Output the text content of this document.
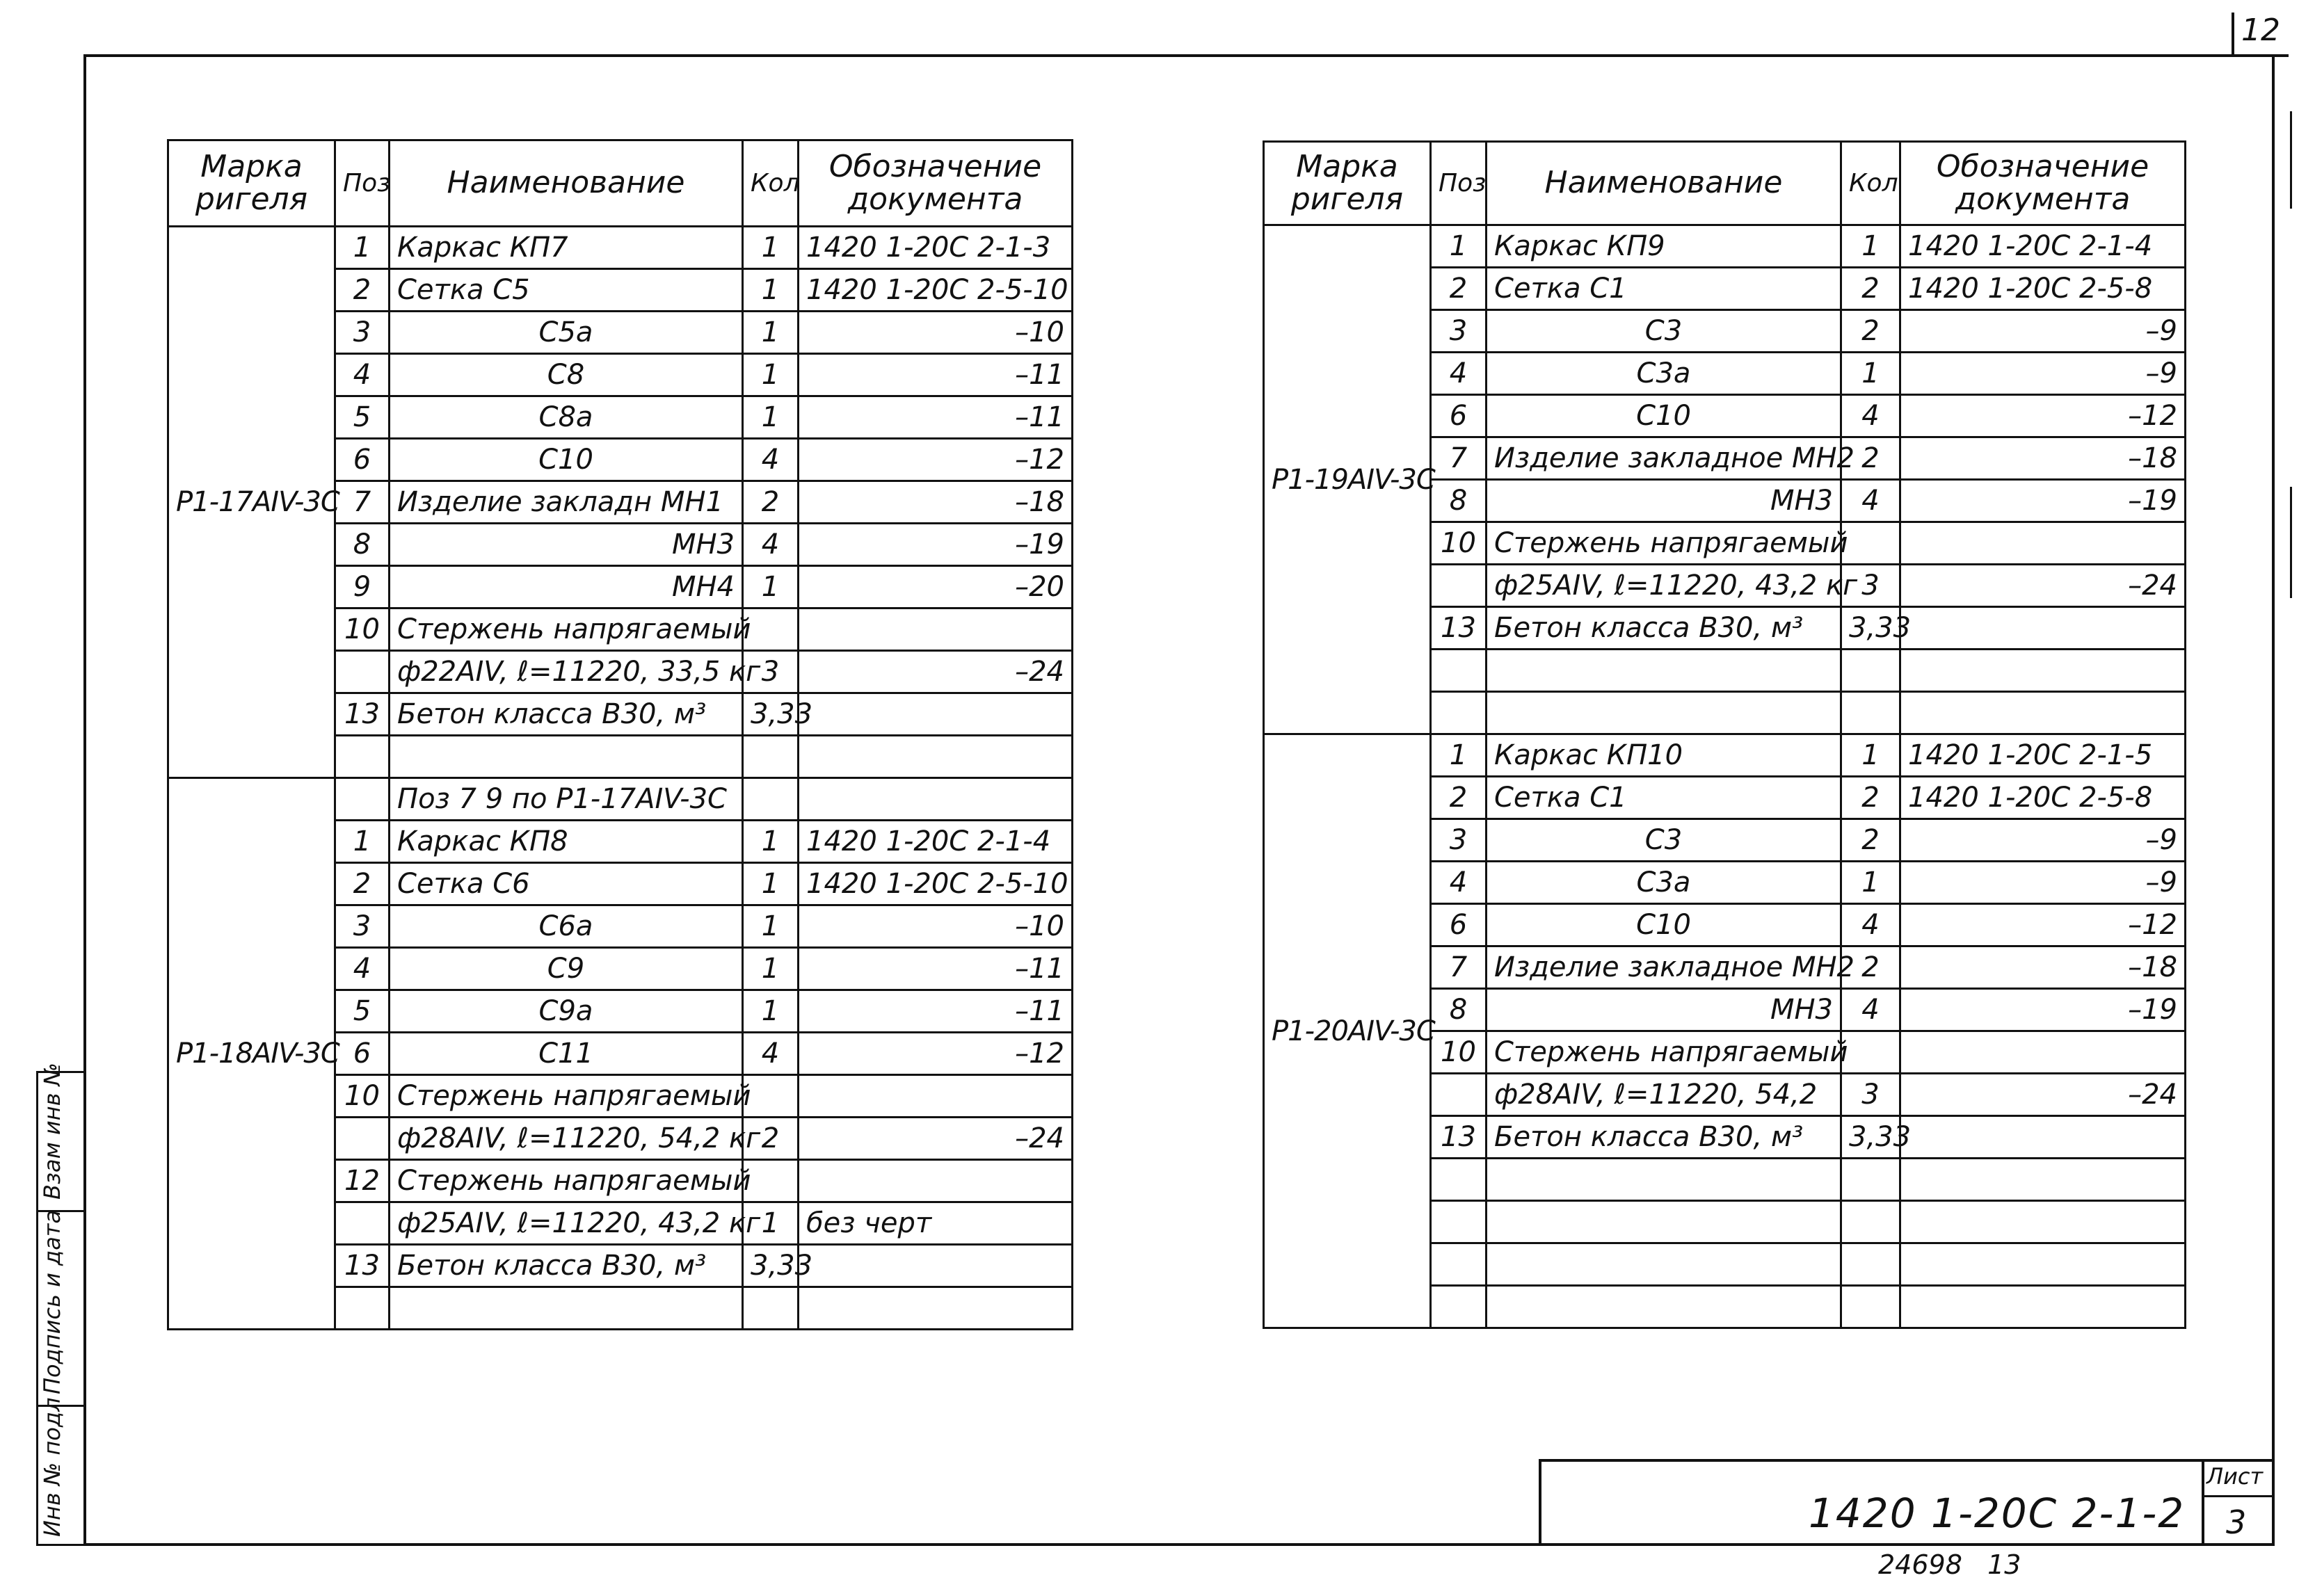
12
Инв № подл
Подпись и дата
Взам инв №
Марка ригеля	Поз	Наименование	Кол	Обозначение документа
Р1-17АIV-3С	1	Каркас КП7	1	1420 1-20С 2-1-3
	2	Сетка С5	1	1420 1-20С 2-5-10
	3	С5а	1	–10
	4	С8	1	–11
	5	С8а	1	–11
	6	С10	4	–12
	7	Изделие закладн МН1	2	–18
	8	МН3	4	–19
	9	МН4	1	–20
	10	Стержень напрягаемый		
		ф22АIV, ℓ=11220, 33,5 кг	3	–24
	13	Бетон класса В30, м³	3,33	

Р1-18АIV-3С		Поз 7 9 по Р1-17АIV-3С		
	1	Каркас КП8	1	1420 1-20С 2-1-4
	2	Сетка С6	1	1420 1-20С 2-5-10
	3	С6а	1	–10
	4	С9	1	–11
	5	С9а	1	–11
	6	С11	4	–12
	10	Стержень напрягаемый		
		ф28АIV, ℓ=11220, 54,2 кг	2	–24
	12	Стержень напрягаемый		
		ф25АIV, ℓ=11220, 43,2 кг	1	без черт
	13	Бетон класса В30, м³	3,33	

Марка ригеля	Поз	Наименование	Кол	Обозначение документа
Р1-19АIV-3С	1	Каркас КП9	1	1420 1-20С 2-1-4
	2	Сетка С1	2	1420 1-20С 2-5-8
	3	С3	2	–9
	4	С3а	1	–9
	6	С10	4	–12
	7	Изделие закладное МН2	2	–18
	8	МН3	4	–19
	10	Стержень напрягаемый		
		ф25АIV, ℓ=11220, 43,2 кг	3	–24
	13	Бетон класса В30, м³	3,33	

Р1-20АIV-3С	1	Каркас КП10	1	1420 1-20С 2-1-5
	2	Сетка С1	2	1420 1-20С 2-5-8
	3	С3	2	–9
	4	С3а	1	–9
	6	С10	4	–12
	7	Изделие закладное МН2	2	–18
	8	МН3	4	–19
	10	Стержень напрягаемый		
		ф28АIV, ℓ=11220, 54,2	3	–24
	13	Бетон класса В30, м³	3,33	

Лист
3
1420 1-20С 2-1-2
24698   13
